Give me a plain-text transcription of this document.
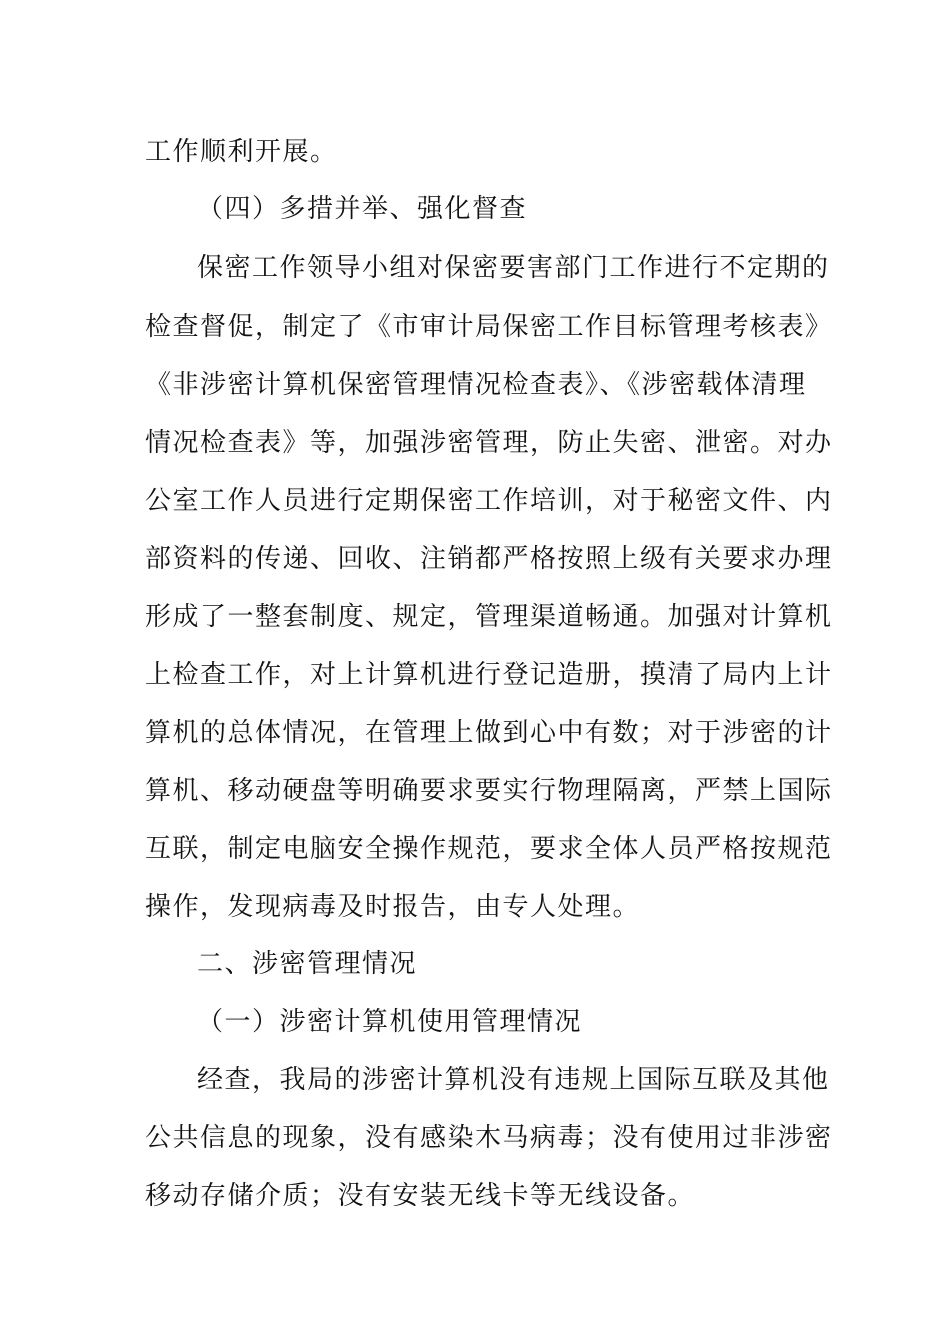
工作顺利开展。
（四）多措并举、强化督查
保密工作领导小组对保密要害部门工作进行不定期的
检查督促，制定了《市审计局保密工作目标管理考核表》
《非涉密计算机保密管理情况检查表》、《涉密载体清理
情况检查表》等，加强涉密管理，防止失密、泄密。对办
公室工作人员进行定期保密工作培训，对于秘密文件、内
部资料的传递、回收、注销都严格按照上级有关要求办理
形成了一整套制度、规定，管理渠道畅通。加强对计算机
上检查工作，对上计算机进行登记造册，摸清了局内上计
算机的总体情况，在管理上做到心中有数；对于涉密的计
算机、移动硬盘等明确要求要实行物理隔离，严禁上国际
互联，制定电脑安全操作规范，要求全体人员严格按规范
操作，发现病毒及时报告，由专人处理。
二、涉密管理情况
（一）涉密计算机使用管理情况
经查，我局的涉密计算机没有违规上国际互联及其他
公共信息的现象，没有感染木马病毒；没有使用过非涉密
移动存储介质；没有安装无线卡等无线设备。
